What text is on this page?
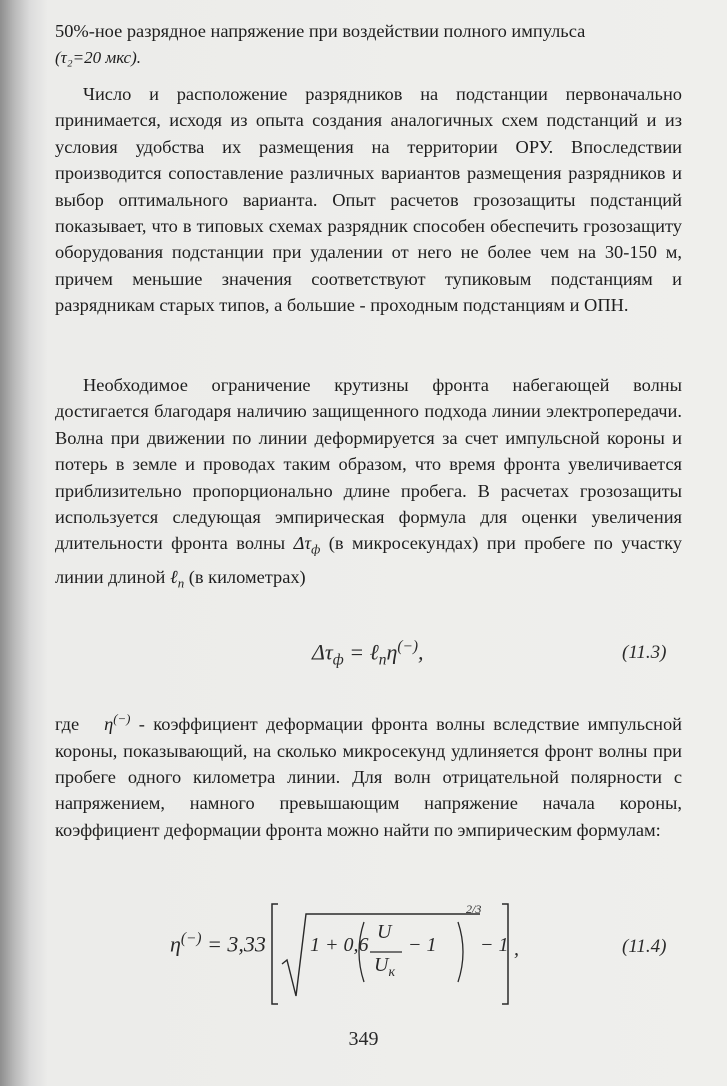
50%-ное разрядное напряжение при воздействии полного импульса
(τ₂=20 мкс).

Число и расположение разрядников на подстанции первоначально принимается, исходя из опыта создания аналогичных схем подстанций и из условия удобства их размещения на территории ОРУ. Впоследствии производится сопоставление различных вариантов размещения разрядников и выбор оптимального варианта. Опыт расчетов грозозащиты подстанций показывает, что в типовых схемах разрядник способен обеспечить грозозащиту оборудования подстанции при удалении от него не более чем на 30-150 м, причем меньшие значения соответствуют тупиковым подстанциям и разрядникам старых типов, а большие - проходным подстанциям и ОПН.

Необходимое ограничение крутизны фронта набегающей волны достигается благодаря наличию защищенного подхода линии электропередачи. Волна при движении по линии деформируется за счет импульсной короны и потерь в земле и проводах таким образом, что время фронта увеличивается приблизительно пропорционально длине пробега. В расчетах грозозащиты используется следующая эмпирическая формула для оценки увеличения длительности фронта волны $\Delta\tau_ф$ (в микросекундах) при пробеге по участку линии длиной ℓ$_п$ (в километрах)

$\Delta\tau_ф$ = ℓ$_п$η(−),	(11.3)

где η(−) - коэффициент деформации фронта волны вследствие импульсной короны, показывающий, на сколько микросекунд удлиняется фронт волны при пробеге одного километра линии. Для волн отрицательной полярности с напряжением, намного превышающим напряжение начала короны, коэффициент деформации фронта можно найти по эмпирическим формулам:

η(−) = 3,33 1 + 0,6
U
$U_к$
− 1
2/3
− 1 ,	(11.4)
349
